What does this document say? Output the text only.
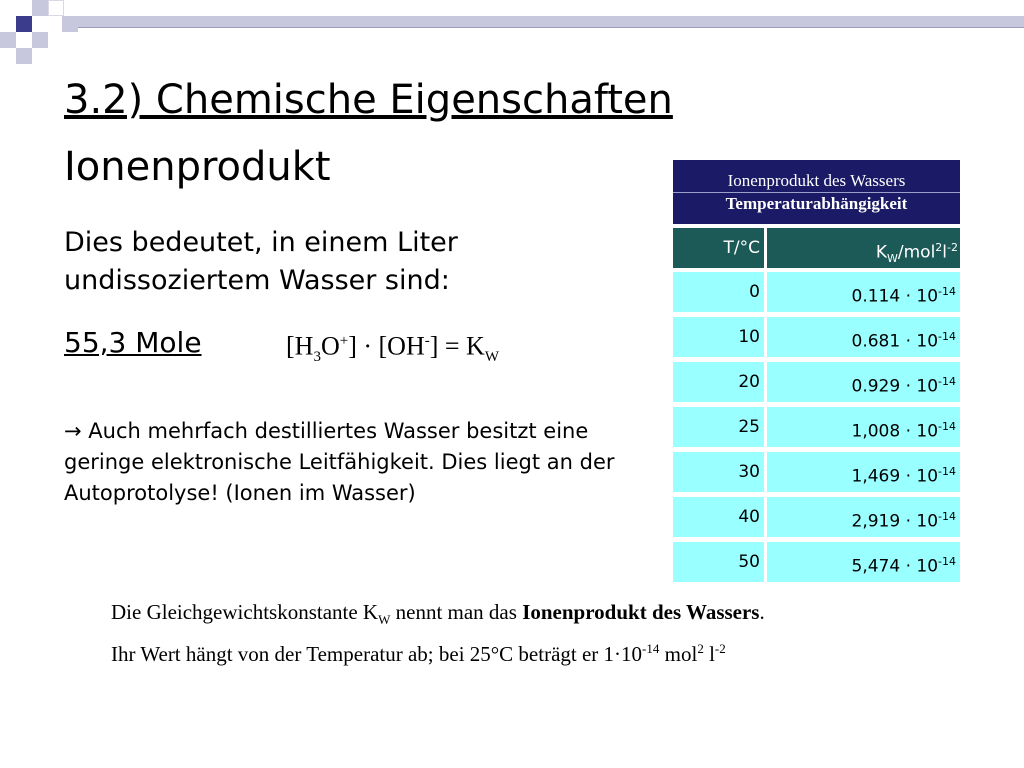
3.2) Chemische Eigenschaften
Ionenprodukt
Dies bedeutet, in einem Liter undissoziertem Wasser sind:
55,3 Mole	$[H_3O^+] \cdot [OH^-] = K_W$
→ Auch mehrfach destilliertes Wasser besitzt eine geringe elektronische Leitfähigkeit. Dies liegt an der Autoprotolyse! (Ionen im Wasser)
Die Gleichgewichtskonstante $K_W$ nennt man das Ionenprodukt des Wassers. Ihr Wert hängt von der Temperatur ab; bei 25°C beträgt er $1\cdot 10^{-14}$ mol$^2$ $l^{-2}$
Ionenprodukt des Wassers
Temperaturabhängigkeit
T/°C	$K_W/mol^2l^{-2}$
0	$0.114 \cdot 10^{-14}$
10	$0.681 \cdot 10^{-14}$
20	$0.929 \cdot 10^{-14}$
25	$1,008 \cdot 10^{-14}$
30	$1,469 \cdot 10^{-14}$
40	$2,919 \cdot 10^{-14}$
50	$5,474 \cdot 10^{-14}$
